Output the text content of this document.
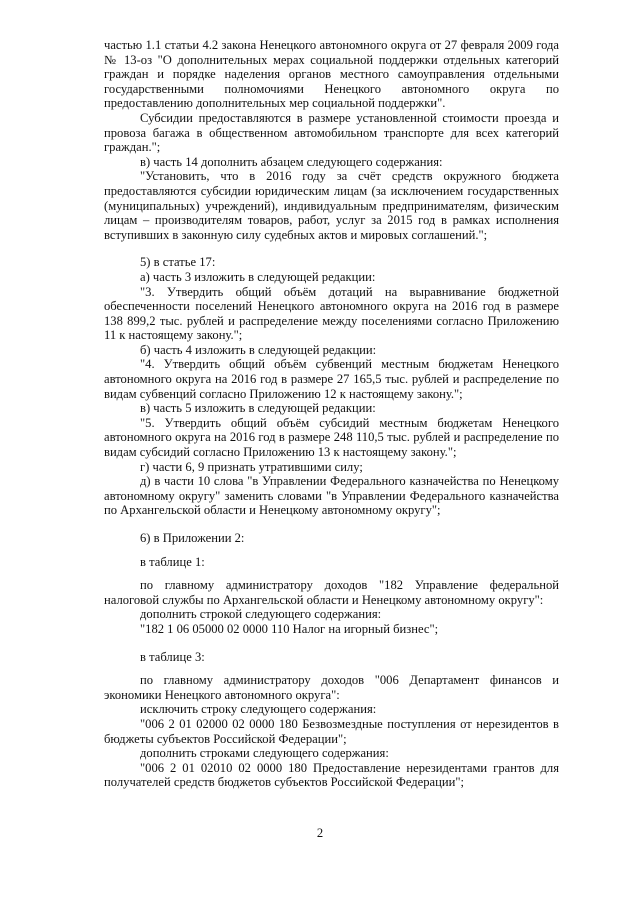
частью 1.1 статьи 4.2 закона Ненецкого автономного округа от 27 февраля 2009 года № 13-оз "О дополнительных мерах социальной поддержки отдельных категорий граждан и порядке наделения органов местного самоуправления отдельными государственными полномочиями Ненецкого автономного округа по предоставлению дополнительных мер социальной поддержки".

Субсидии предоставляются в размере установленной стоимости проезда и провоза багажа в общественном автомобильном транспорте для всех категорий граждан.";

в) часть 14 дополнить абзацем следующего содержания:

"Установить, что в 2016 году за счёт средств окружного бюджета предоставляются субсидии юридическим лицам (за исключением государственных (муниципальных) учреждений), индивидуальным предпринимателям, физическим лицам – производителям товаров, работ, услуг за 2015 год в рамках исполнения вступивших в законную силу судебных актов и мировых соглашений.";

5) в статье 17:

а) часть 3 изложить в следующей редакции:

"3. Утвердить общий объём дотаций на выравнивание бюджетной обеспеченности поселений Ненецкого автономного округа на 2016 год в размере 138 899,2 тыс. рублей и распределение между поселениями согласно Приложению 11 к настоящему закону.";

б) часть 4 изложить в следующей редакции:

"4. Утвердить общий объём субвенций местным бюджетам Ненецкого автономного округа на 2016 год в размере 27 165,5 тыс. рублей и распределение по видам субвенций согласно Приложению 12 к настоящему закону.";

в) часть 5 изложить в следующей редакции:

"5. Утвердить общий объём субсидий местным бюджетам Ненецкого автономного округа на 2016 год в размере 248 110,5 тыс. рублей и распределение по видам субсидий согласно Приложению 13 к настоящему закону.";

г) части 6, 9 признать утратившими силу;

д) в части 10 слова "в Управлении Федерального казначейства по Ненецкому автономному округу" заменить словами "в Управлении Федерального казначейства по Архангельской области и Ненецкому автономному округу";

6) в Приложении 2:

в таблице 1:

по главному администратору доходов "182 Управление федеральной налоговой службы по Архангельской области и Ненецкому автономному округу":

дополнить строкой следующего содержания:

"182 1 06 05000 02 0000 110 Налог на игорный бизнес";

в таблице 3:

по главному администратору доходов "006 Департамент финансов и экономики Ненецкого автономного округа":

исключить строку следующего содержания:

"006 2 01 02000 02 0000 180 Безвозмездные поступления от нерезидентов в бюджеты субъектов Российской Федерации";

дополнить строками следующего содержания:

"006 2 01 02010 02 0000 180 Предоставление нерезидентами грантов для получателей средств бюджетов субъектов Российской Федерации";

2
